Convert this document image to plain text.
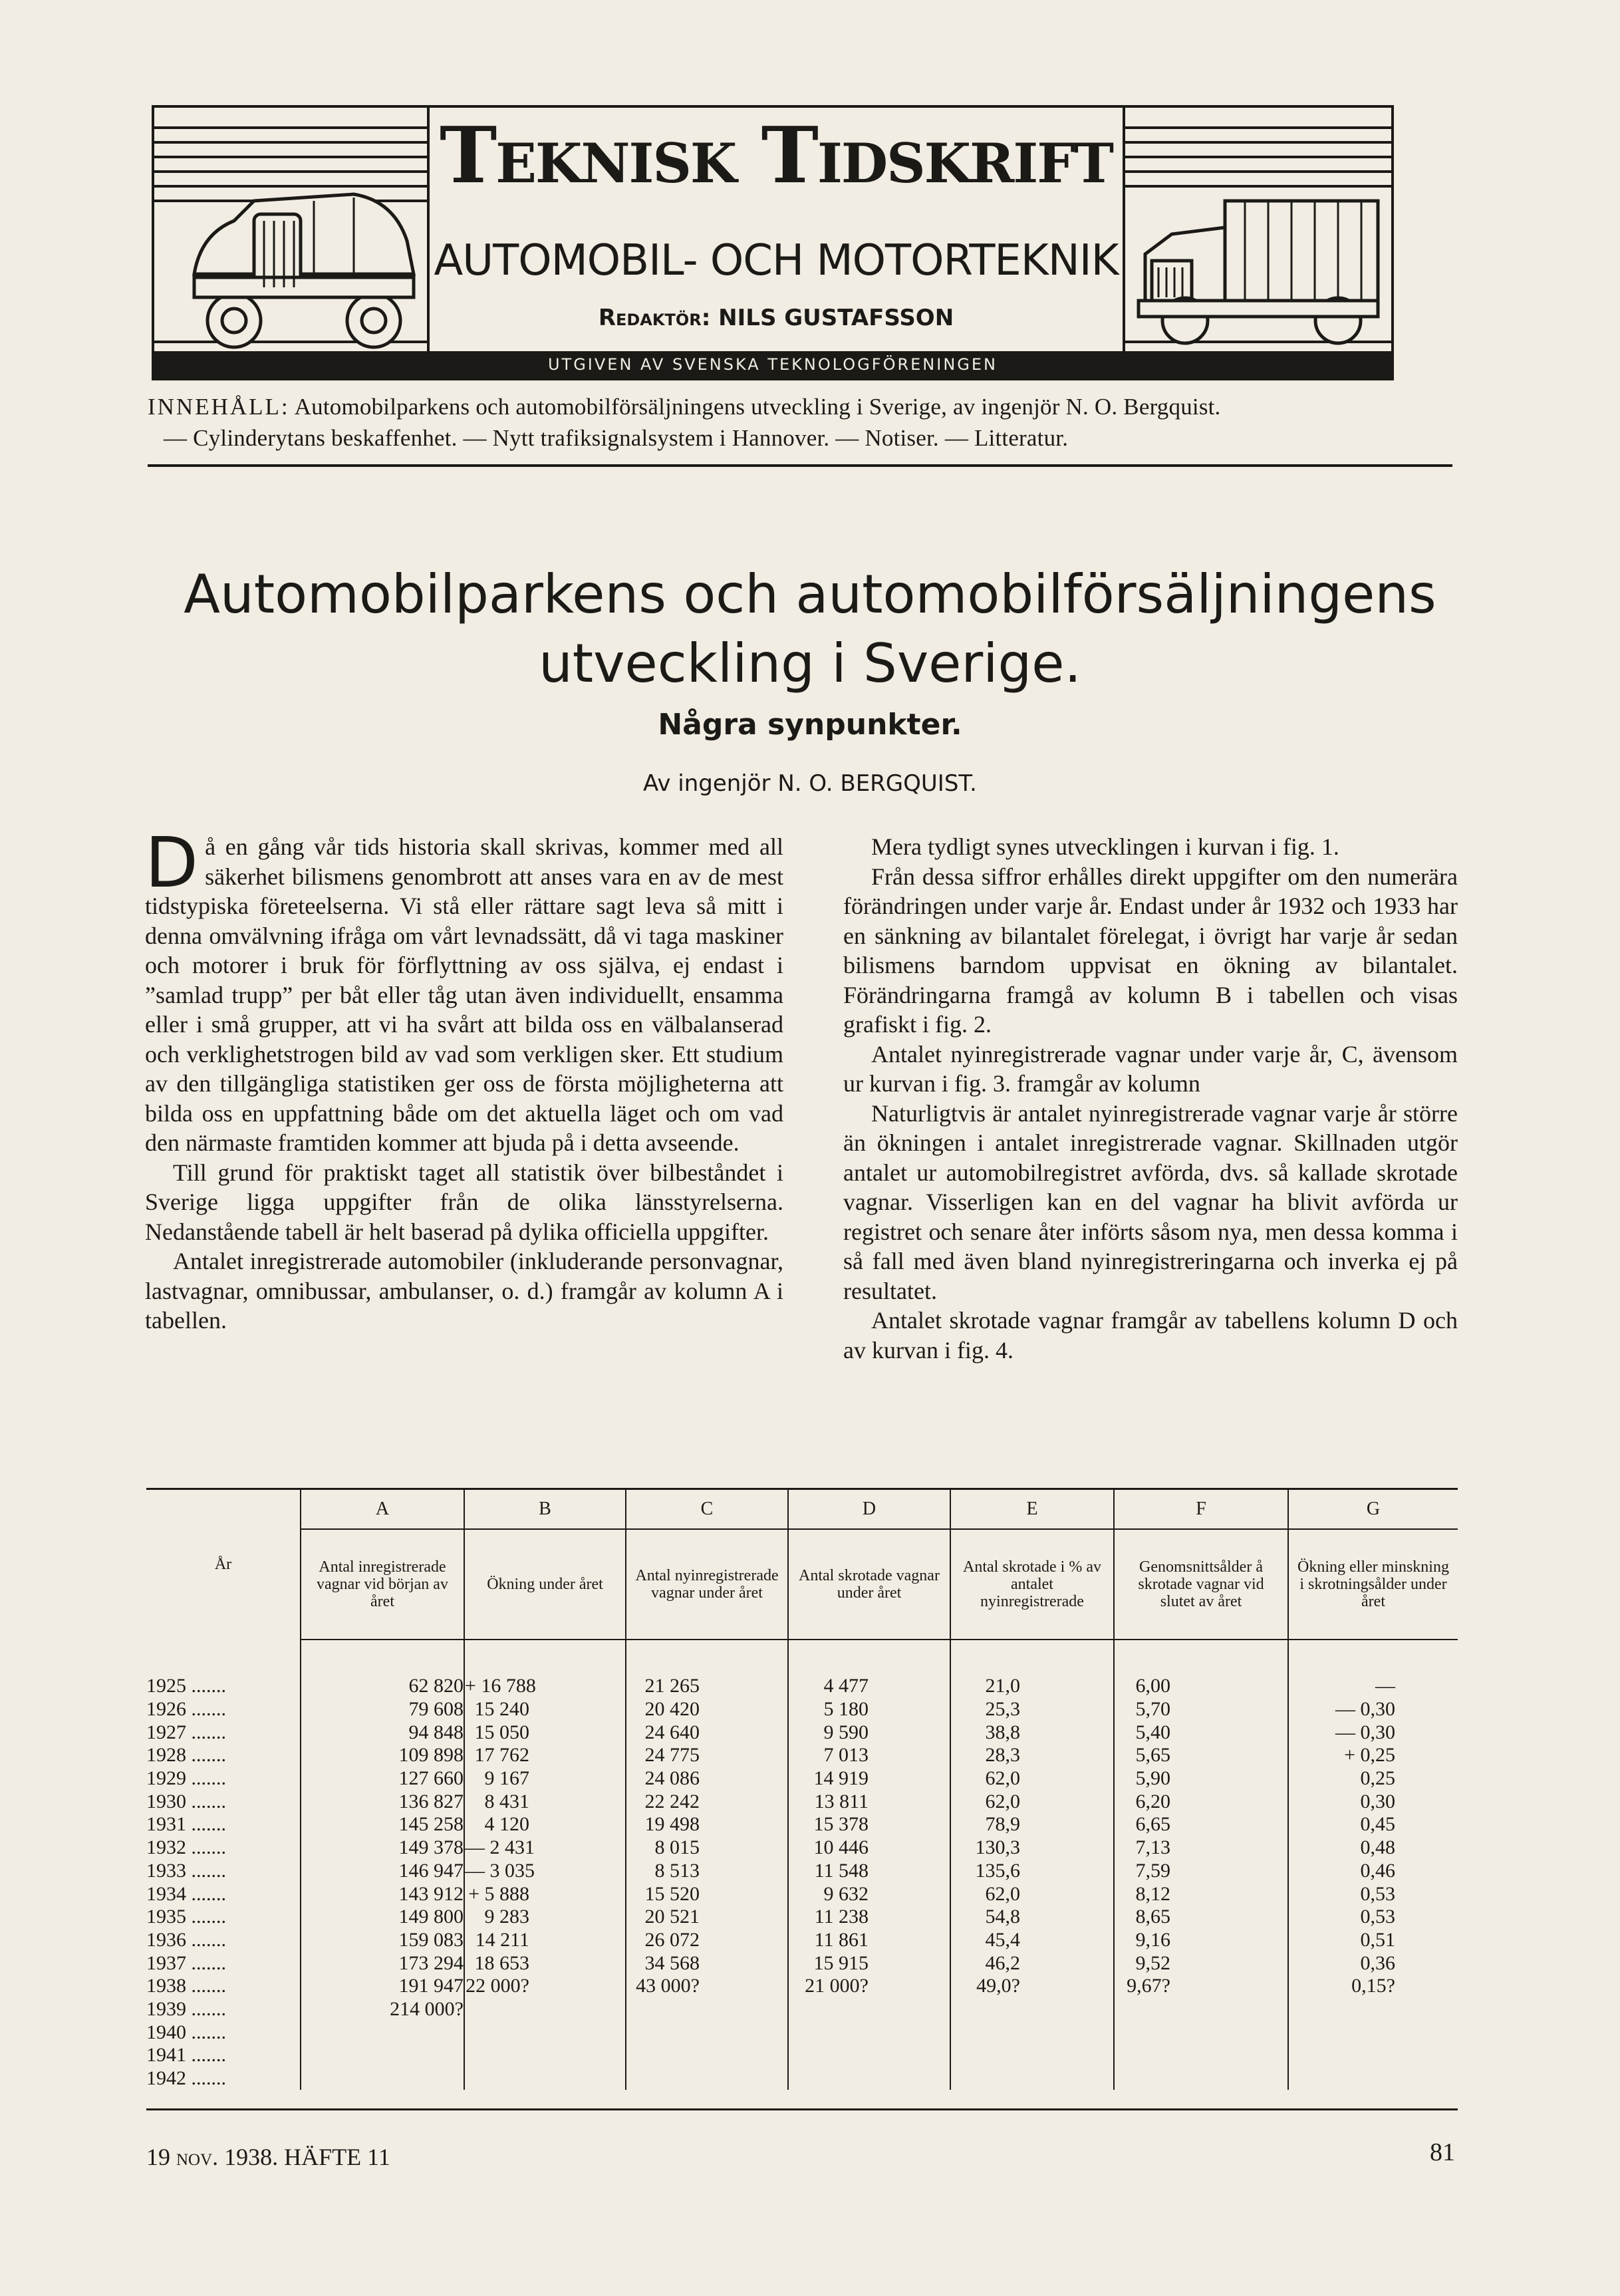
Teknisk Tidskrift
AUTOMOBIL- OCH MOTORTEKNIK
Redaktör: NILS GUSTAFSSON
UTGIVEN AV SVENSKA TEKNOLOGFÖRENINGEN
INNEHÅLL: Automobilparkens och automobilförsäljningens utveckling i Sverige, av ingenjör N. O. Bergquist.
— Cylinderytans beskaffenhet. — Nytt trafiksignalsystem i Hannover. — Notiser. — Litteratur.
Automobilparkens och automobilförsäljningens
utveckling i Sverige.
Några synpunkter.
Av ingenjör N. O. BERGQUIST.

Då en gång vår tids historia skall skrivas, kommer med all säkerhet bilismens genombrott att anses vara en av de mest tidstypiska företeelserna. Vi stå eller rättare sagt leva så mitt i denna omvälvning ifråga om vårt levnadssätt, då vi taga maskiner och motorer i bruk för förflyttning av oss själva, ej endast i ”samlad trupp” per båt eller tåg utan även individuellt, ensamma eller i små grupper, att vi ha svårt att bilda oss en välbalanserad och verklighetstrogen bild av vad som verkligen sker. Ett studium av den tillgängliga statistiken ger oss de första möjligheterna att bilda oss en uppfattning både om det aktuella läget och om vad den närmaste framtiden kommer att bjuda på i detta avseende.

Till grund för praktiskt taget all statistik över bilbeståndet i Sverige ligga uppgifter från de olika länsstyrelserna. Nedanstående tabell är helt baserad på dylika officiella uppgifter.

Antalet inregistrerade automobiler (inkluderande personvagnar, lastvagnar, omnibussar, ambulanser, o. d.) framgår av kolumn A i tabellen.

Mera tydligt synes utvecklingen i kurvan i fig. 1.

Från dessa siffror erhålles direkt uppgifter om den numerära förändringen under varje år. Endast under år 1932 och 1933 har en sänkning av bilantalet förelegat, i övrigt har varje år sedan bilismens barndom uppvisat en ökning av bilantalet. Förändringarna framgå av kolumn B i tabellen och visas grafiskt i fig. 2.

Antalet nyinregistrerade vagnar under varje år, C, ävensom ur kurvan i fig. 3. framgår av kolumn

Naturligtvis är antalet nyinregistrerade vagnar varje år större än ökningen i antalet inregistrerade vagnar. Skillnaden utgör antalet ur automobilregistret avförda, dvs. så kallade skrotade vagnar. Visserligen kan en del vagnar ha blivit avförda ur registret och senare åter införts såsom nya, men dessa komma i så fall med även bland nyinregistreringarna och inverka ej på resultatet.

Antalet skrotade vagnar framgår av tabellens kolumn D och av kurvan i fig. 4.

År	A	B	C	D	E	F	G
	Antal inregistrerade vagnar vid början av året	Ökning under året	Antal nyinregistrerade vagnar under året	Antal skrotade vagnar under året	Antal skrotade i % av antalet nyinregistrerade	Genomsnittsålder å skrotade vagnar vid slutet av året	Ökning eller minskning i skrotningsålder under året

1925 .......	62 820	+ 16 788	21 265	4 477	21,0	6,00	—
1926 .......	79 608	15 240	20 420	5 180	25,3	5,70	— 0,30
1927 .......	94 848	15 050	24 640	9 590	38,8	5,40	— 0,30
1928 .......	109 898	17 762	24 775	7 013	28,3	5,65	+ 0,25
1929 .......	127 660	9 167	24 086	14 919	62,0	5,90	0,25
1930 .......	136 827	8 431	22 242	13 811	62,0	6,20	0,30
1931 .......	145 258	4 120	19 498	15 378	78,9	6,65	0,45
1932 .......	149 378	— 2 431	8 015	10 446	130,3	7,13	0,48
1933 .......	146 947	— 3 035	8 513	11 548	135,6	7,59	0,46
1934 .......	143 912	+ 5 888	15 520	9 632	62,0	8,12	0,53
1935 .......	149 800	9 283	20 521	11 238	54,8	8,65	0,53
1936 .......	159 083	14 211	26 072	11 861	45,4	9,16	0,51
1937 .......	173 294	18 653	34 568	15 915	46,2	9,52	0,36
1938 .......	191 947	22 000?	43 000?	21 000?	49,0?	9,67?	0,15?
1939 .......	214 000?						
1940 .......							
1941 .......							
1942 .......							
19 nov. 1938. HÄFTE 11	81
